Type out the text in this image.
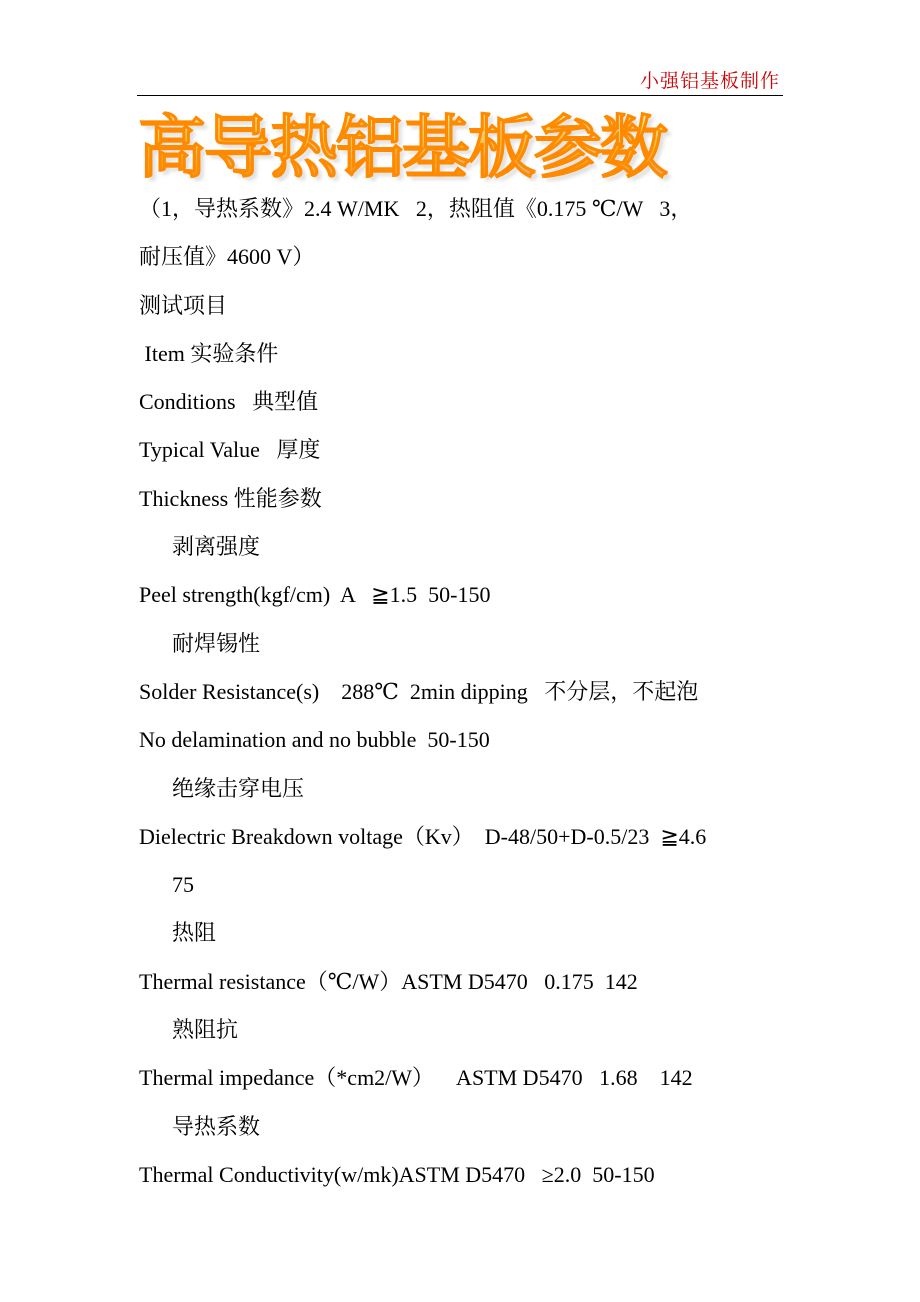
小强铝基板制作
高导热铝基板参数
（1，导热系数》2.4 W/MK   2，热阻值《0.175 ℃/W   3，
耐压值》4600 V）
测试项目
Item 实验条件
Conditions   典型值
Typical Value   厚度
Thickness 性能参数
剥离强度
Peel strength(kgf/cm)  A   ≧1.5  50-150
耐焊锡性
Solder Resistance(s)    288℃  2min dipping   不分层，不起泡
No delamination and no bubble  50-150
绝缘击穿电压
Dielectric Breakdown voltage（Kv）  D-48/50+D-0.5/23  ≧4.6
75
热阻
Thermal resistance（℃/W）ASTM D5470   0.175  142
熟阻抗
Thermal impedance（*cm2/W）    ASTM D5470   1.68    142
导热系数
Thermal Conductivity(w/mk)ASTM D5470   ≥2.0  50-150
